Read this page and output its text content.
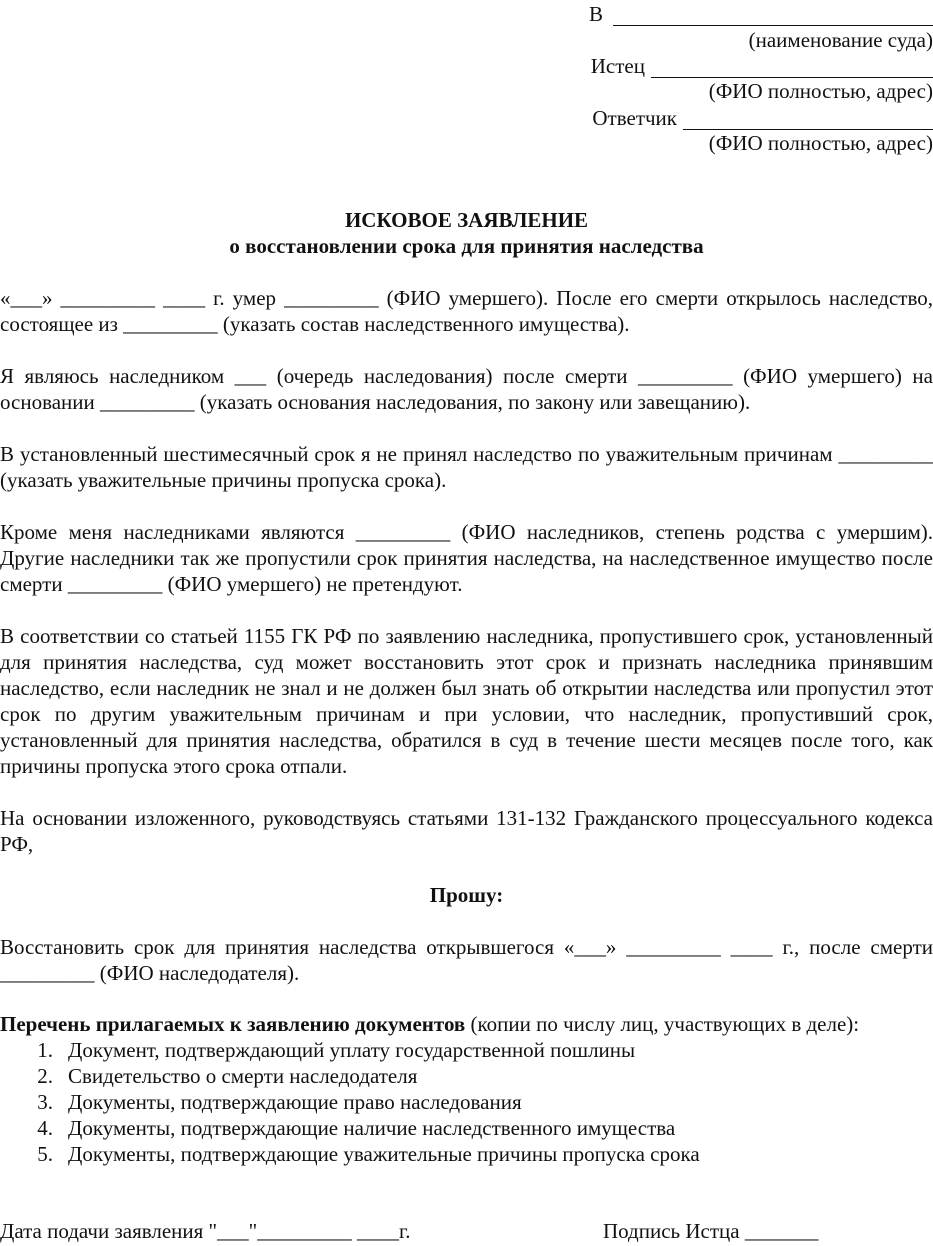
В
(наименование суда)
Истец
(ФИО полностью, адрес)
Ответчик
(ФИО полностью, адрес)
ИСКОВОЕ ЗАЯВЛЕНИЕ
о восстановлении срока для принятия наследства
«___» _________ ____ г. умер _________ (ФИО умершего). После его смерти открылось наследство, состоящее из _________ (указать состав наследственного имущества).
Я являюсь наследником ___ (очередь наследования) после смерти _________ (ФИО умершего) на основании _________ (указать основания наследования, по закону или завещанию).
В установленный шестимесячный срок я не принял наследство по уважительным причинам _________ (указать уважительные причины пропуска срока).
Кроме меня наследниками являются _________ (ФИО наследников, степень родства с умершим). Другие наследники так же пропустили срок принятия наследства, на наследственное имущество после смерти _________ (ФИО умершего) не претендуют.
В соответствии со статьей 1155 ГК РФ по заявлению наследника, пропустившего срок, установленный для принятия наследства, суд может восстановить этот срок и признать наследника принявшим наследство, если наследник не знал и не должен был знать об открытии наследства или пропустил этот срок по другим уважительным причинам и при условии, что наследник, пропустивший срок, установленный для принятия наследства, обратился в суд в течение шести месяцев после того, как причины пропуска этого срока отпали.
На основании изложенного, руководствуясь статьями 131-132 Гражданского процессуального кодекса РФ,
Прошу:
Восстановить срок для принятия наследства открывшегося «___» _________ ____ г., после смерти _________ (ФИО наследодателя).
Перечень прилагаемых к заявлению документов (копии по числу лиц, участвующих в деле):
1. Документ, подтверждающий уплату государственной пошлины
2. Свидетельство о смерти наследодателя
3. Документы, подтверждающие право наследования
4. Документы, подтверждающие наличие наследственного имущества
5. Документы, подтверждающие уважительные причины пропуска срока
Дата подачи заявления "___"_________ ____г.	Подпись Истца _______
